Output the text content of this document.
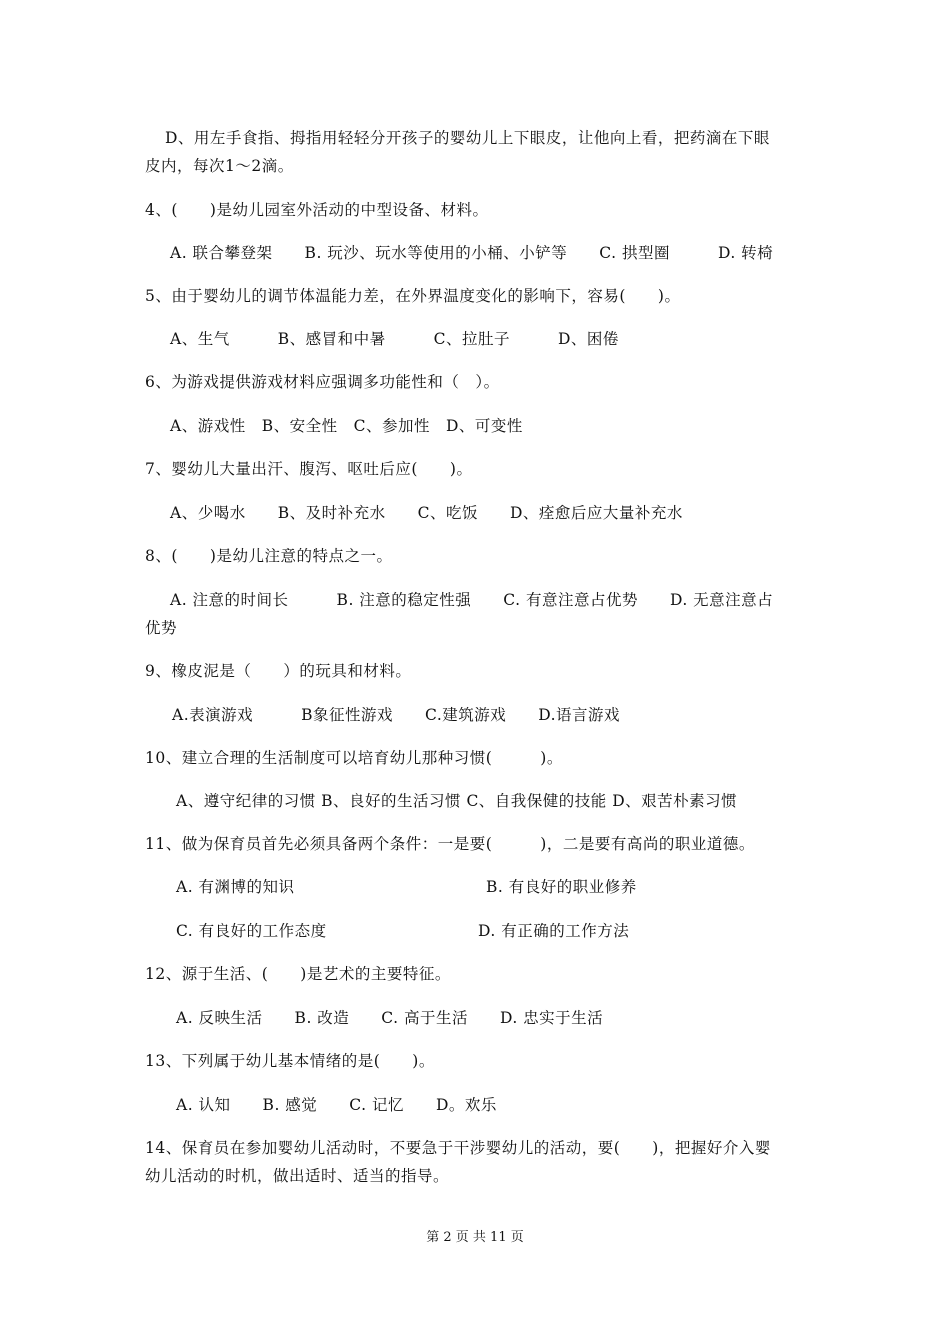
D、用左手食指、拇指用轻轻分开孩子的婴幼儿上下眼皮，让他向上看，把药滴在下眼
皮内，每次1～2滴。
4、(　　)是幼儿园室外活动的中型设备、材料。
A. 联合攀登架　　B. 玩沙、玩水等使用的小桶、小铲等　　C. 拱型圈　　　D. 转椅
5、由于婴幼儿的调节体温能力差，在外界温度变化的影响下，容易(　　)。
A、生气　　　B、感冒和中暑　　　C、拉肚子　　　D、困倦
6、为游戏提供游戏材料应强调多功能性和（　）。
A、游戏性　B、安全性　C、参加性　D、可变性
7、婴幼儿大量出汗、腹泻、呕吐后应(　　)。
A、少喝水　　B、及时补充水　　C、吃饭　　D、痊愈后应大量补充水
8、(　　)是幼儿注意的特点之一。
A. 注意的时间长　　　B. 注意的稳定性强　　C. 有意注意占优势　　D. 无意注意占
优势
9、橡皮泥是（　　）的玩具和材料。
A.表演游戏　　　B象征性游戏　　C.建筑游戏　　D.语言游戏
10、建立合理的生活制度可以培育幼儿那种习惯(　　　)。
A、遵守纪律的习惯 B、良好的生活习惯 C、自我保健的技能 D、艰苦朴素习惯
11、做为保育员首先必须具备两个条件：一是要(　　　)，二是要有高尚的职业道德。
A. 有渊博的知识	B. 有良好的职业修养
C. 有良好的工作态度	D. 有正确的工作方法
12、源于生活、(　　)是艺术的主要特征。
A. 反映生活　　B. 改造　　C. 高于生活　　D. 忠实于生活
13、下列属于幼儿基本情绪的是(　　)。
A. 认知　　B. 感觉　　C. 记忆　　D。欢乐
14、保育员在参加婴幼儿活动时，不要急于干涉婴幼儿的活动，要(　　)，把握好介入婴
幼儿活动的时机，做出适时、适当的指导。
第 2 页 共 11 页
